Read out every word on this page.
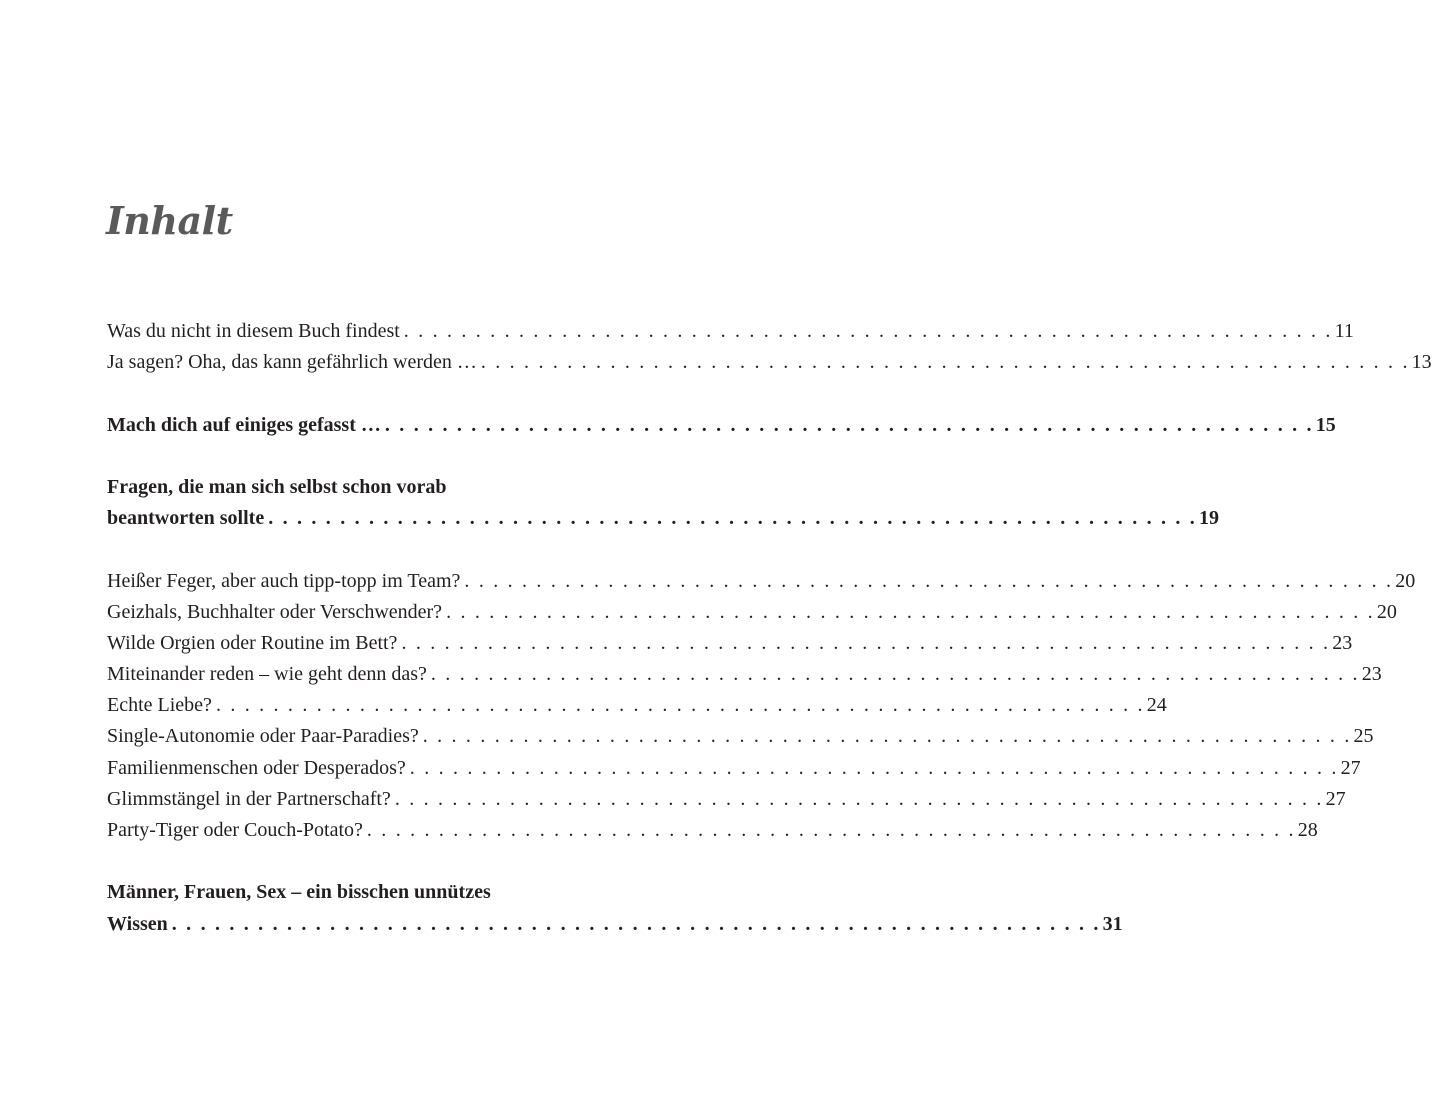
Inhalt
Was du nicht in diesem Buch findest . . . . . . . . . . . . . . . . . . . . . . . . . . . . . . . . . . . . . . . . . . . . . . . . . . . . . . . . . . . . . . . . . 11
Ja sagen? Oha, das kann gefährlich werden … . . . . . . . . . . . . . . . . . . . . . . . . . . . . . . . . . . . . . . . . . . . . . . . . . . . . . . . . . . . . . . . . . 13
Mach dich auf einiges gefasst … . . . . . . . . . . . . . . . . . . . . . . . . . . . . . . . . . . . . . . . . . . . . . . . . . . . . . . . . . . . . . . . . . 15
Fragen, die man sich selbst schon vorab
beantworten sollte . . . . . . . . . . . . . . . . . . . . . . . . . . . . . . . . . . . . . . . . . . . . . . . . . . . . . . . . . . . . . . . . . 19
Heißer Feger, aber auch tipp-topp im Team? . . . . . . . . . . . . . . . . . . . . . . . . . . . . . . . . . . . . . . . . . . . . . . . . . . . . . . . . . . . . . . . . . 20
Geizhals, Buchhalter oder Verschwender? . . . . . . . . . . . . . . . . . . . . . . . . . . . . . . . . . . . . . . . . . . . . . . . . . . . . . . . . . . . . . . . . . 20
Wilde Orgien oder Routine im Bett? . . . . . . . . . . . . . . . . . . . . . . . . . . . . . . . . . . . . . . . . . . . . . . . . . . . . . . . . . . . . . . . . . 23
Miteinander reden – wie geht denn das? . . . . . . . . . . . . . . . . . . . . . . . . . . . . . . . . . . . . . . . . . . . . . . . . . . . . . . . . . . . . . . . . . 23
Echte Liebe? . . . . . . . . . . . . . . . . . . . . . . . . . . . . . . . . . . . . . . . . . . . . . . . . . . . . . . . . . . . . . . . . . 24
Single-Autonomie oder Paar-Paradies? . . . . . . . . . . . . . . . . . . . . . . . . . . . . . . . . . . . . . . . . . . . . . . . . . . . . . . . . . . . . . . . . . 25
Familienmenschen oder Desperados? . . . . . . . . . . . . . . . . . . . . . . . . . . . . . . . . . . . . . . . . . . . . . . . . . . . . . . . . . . . . . . . . . 27
Glimmstängel in der Partnerschaft? . . . . . . . . . . . . . . . . . . . . . . . . . . . . . . . . . . . . . . . . . . . . . . . . . . . . . . . . . . . . . . . . . 27
Party-Tiger oder Couch-Potato? . . . . . . . . . . . . . . . . . . . . . . . . . . . . . . . . . . . . . . . . . . . . . . . . . . . . . . . . . . . . . . . . . 28
Männer, Frauen, Sex – ein bisschen unnützes
Wissen . . . . . . . . . . . . . . . . . . . . . . . . . . . . . . . . . . . . . . . . . . . . . . . . . . . . . . . . . . . . . . . . . 31
